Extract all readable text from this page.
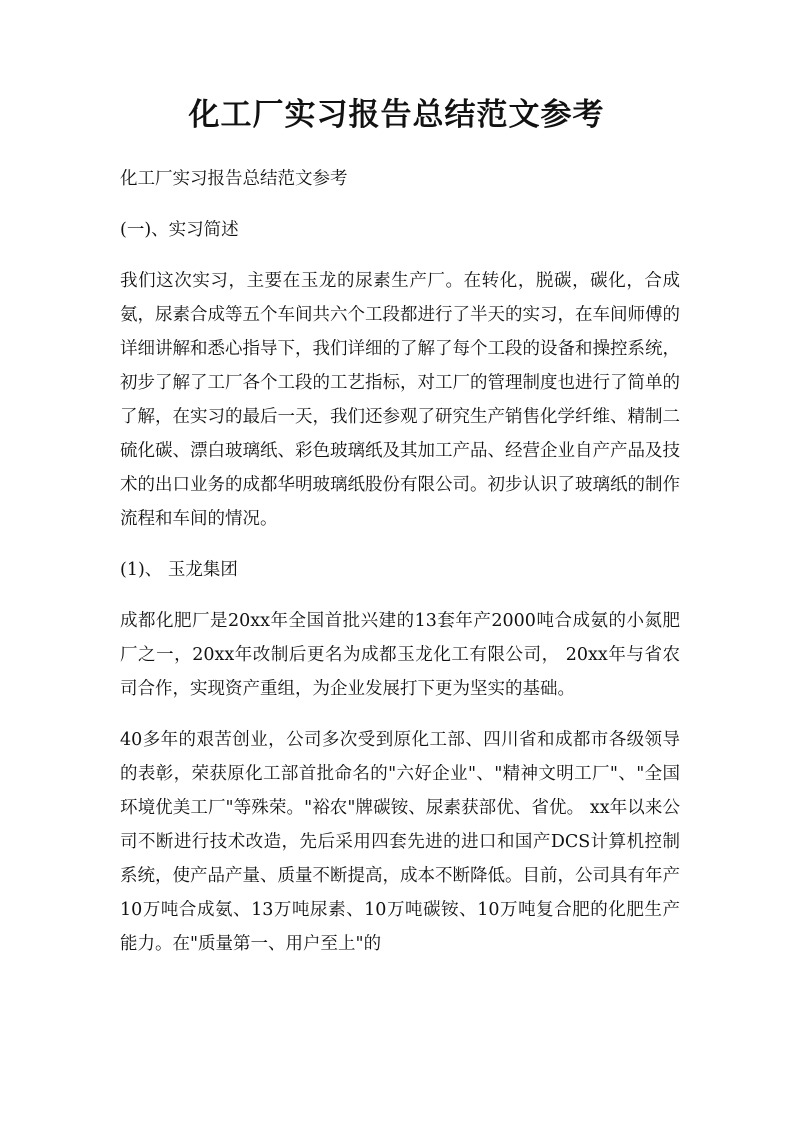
化工厂实习报告总结范文参考

化工厂实习报告总结范文参考

(一)、实习简述

我们这次实习，主要在玉龙的尿素生产厂。在转化，脱碳，碳化，合成氨，尿素合成等五个车间共六个工段都进行了半天的实习，在车间师傅的详细讲解和悉心指导下，我们详细的了解了每个工段的设备和操控系统，初步了解了工厂各个工段的工艺指标，对工厂的管理制度也进行了简单的了解，在实习的最后一天，我们还参观了研究生产销售化学纤维、精制二硫化碳、漂白玻璃纸、彩色玻璃纸及其加工产品、经营企业自产产品及技术的出口业务的成都华明玻璃纸股份有限公司。初步认识了玻璃纸的制作流程和车间的情况。

(1)、 玉龙集团

成都化肥厂是20xx年全国首批兴建的13套年产2000吨合成氨的小氮肥厂之一，20xx年改制后更名为成都玉龙化工有限公司， 20xx年与省农司合作，实现资产重组，为企业发展打下更为坚实的基础。

40多年的艰苦创业，公司多次受到原化工部、四川省和成都市各级领导的表彰，荣获原化工部首批命名的"六好企业"、"精神文明工厂"、"全国环境优美工厂"等殊荣。"裕农"牌碳铵、尿素获部优、省优。 xx年以来公司不断进行技术改造，先后采用四套先进的进口和国产DCS计算机控制系统，使产品产量、质量不断提高，成本不断降低。目前，公司具有年产10万吨合成氨、13万吨尿素、10万吨碳铵、10万吨复合肥的化肥生产能力。在"质量第一、用户至上"的
